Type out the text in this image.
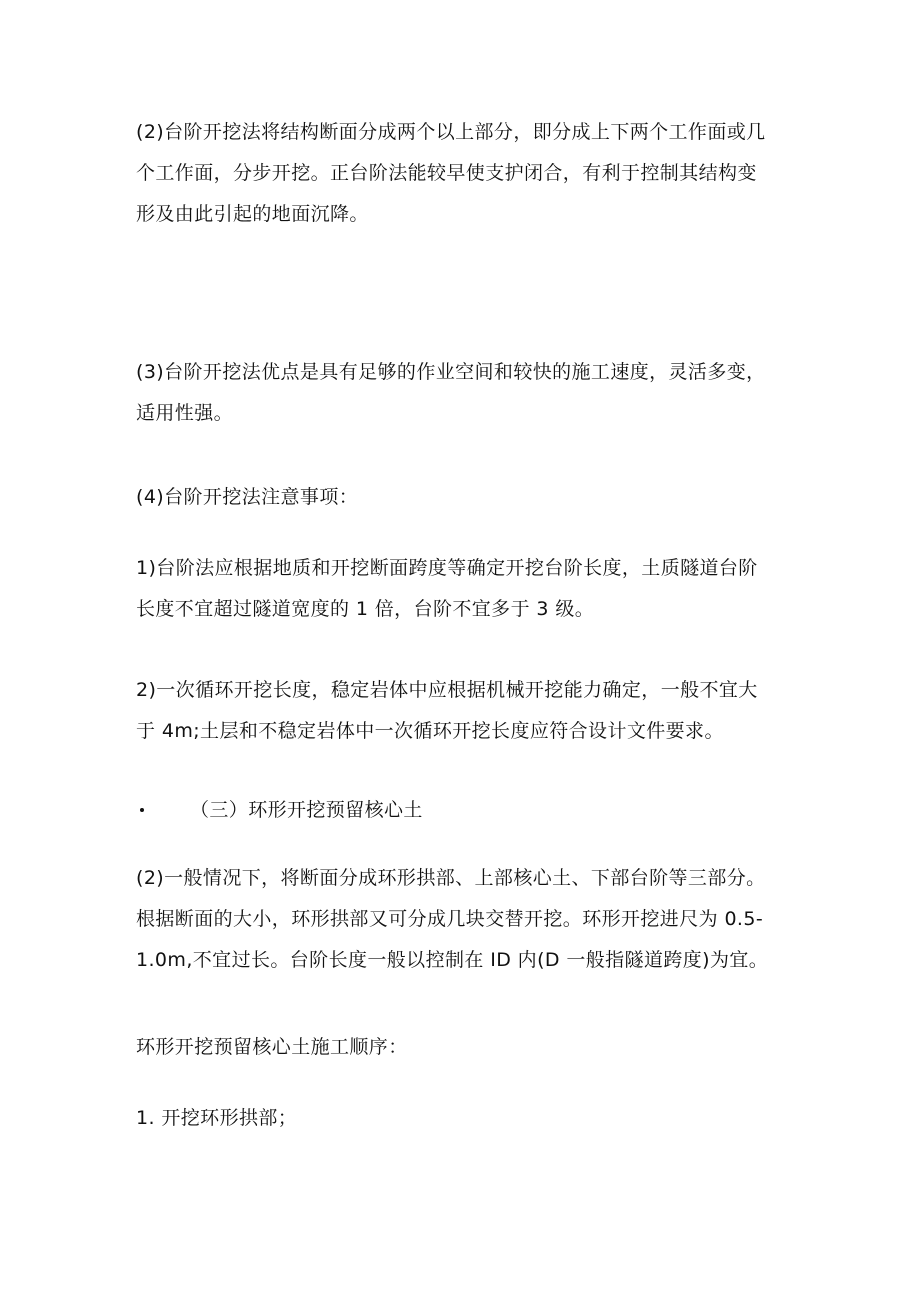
(2)台阶开挖法将结构断面分成两个以上部分，即分成上下两个工作面或几
个工作面，分步开挖。正台阶法能较早使支护闭合，有利于控制其结构变
形及由此引起的地面沉降。

(3)台阶开挖法优点是具有足够的作业空间和较快的施工速度，灵活多变，
适用性强。

(4)台阶开挖法注意事项：

1)台阶法应根据地质和开挖断面跨度等确定开挖台阶长度，土质隧道台阶
长度不宜超过隧道宽度的 1 倍，台阶不宜多于 3 级。

2)一次循环开挖长度，稳定岩体中应根据机械开挖能力确定，一般不宜大
于 4m;土层和不稳定岩体中一次循环开挖长度应符合设计文件要求。

（三）环形开挖预留核心土

(2)一般情况下，将断面分成环形拱部、上部核心土、下部台阶等三部分。
根据断面的大小，环形拱部又可分成几块交替开挖。环形开挖进尺为 0.5-
1.0m,不宜过长。台阶长度一般以控制在 ID 内(D 一般指隧道跨度)为宜。

环形开挖预留核心土施工顺序：

1. 开挖环形拱部；
